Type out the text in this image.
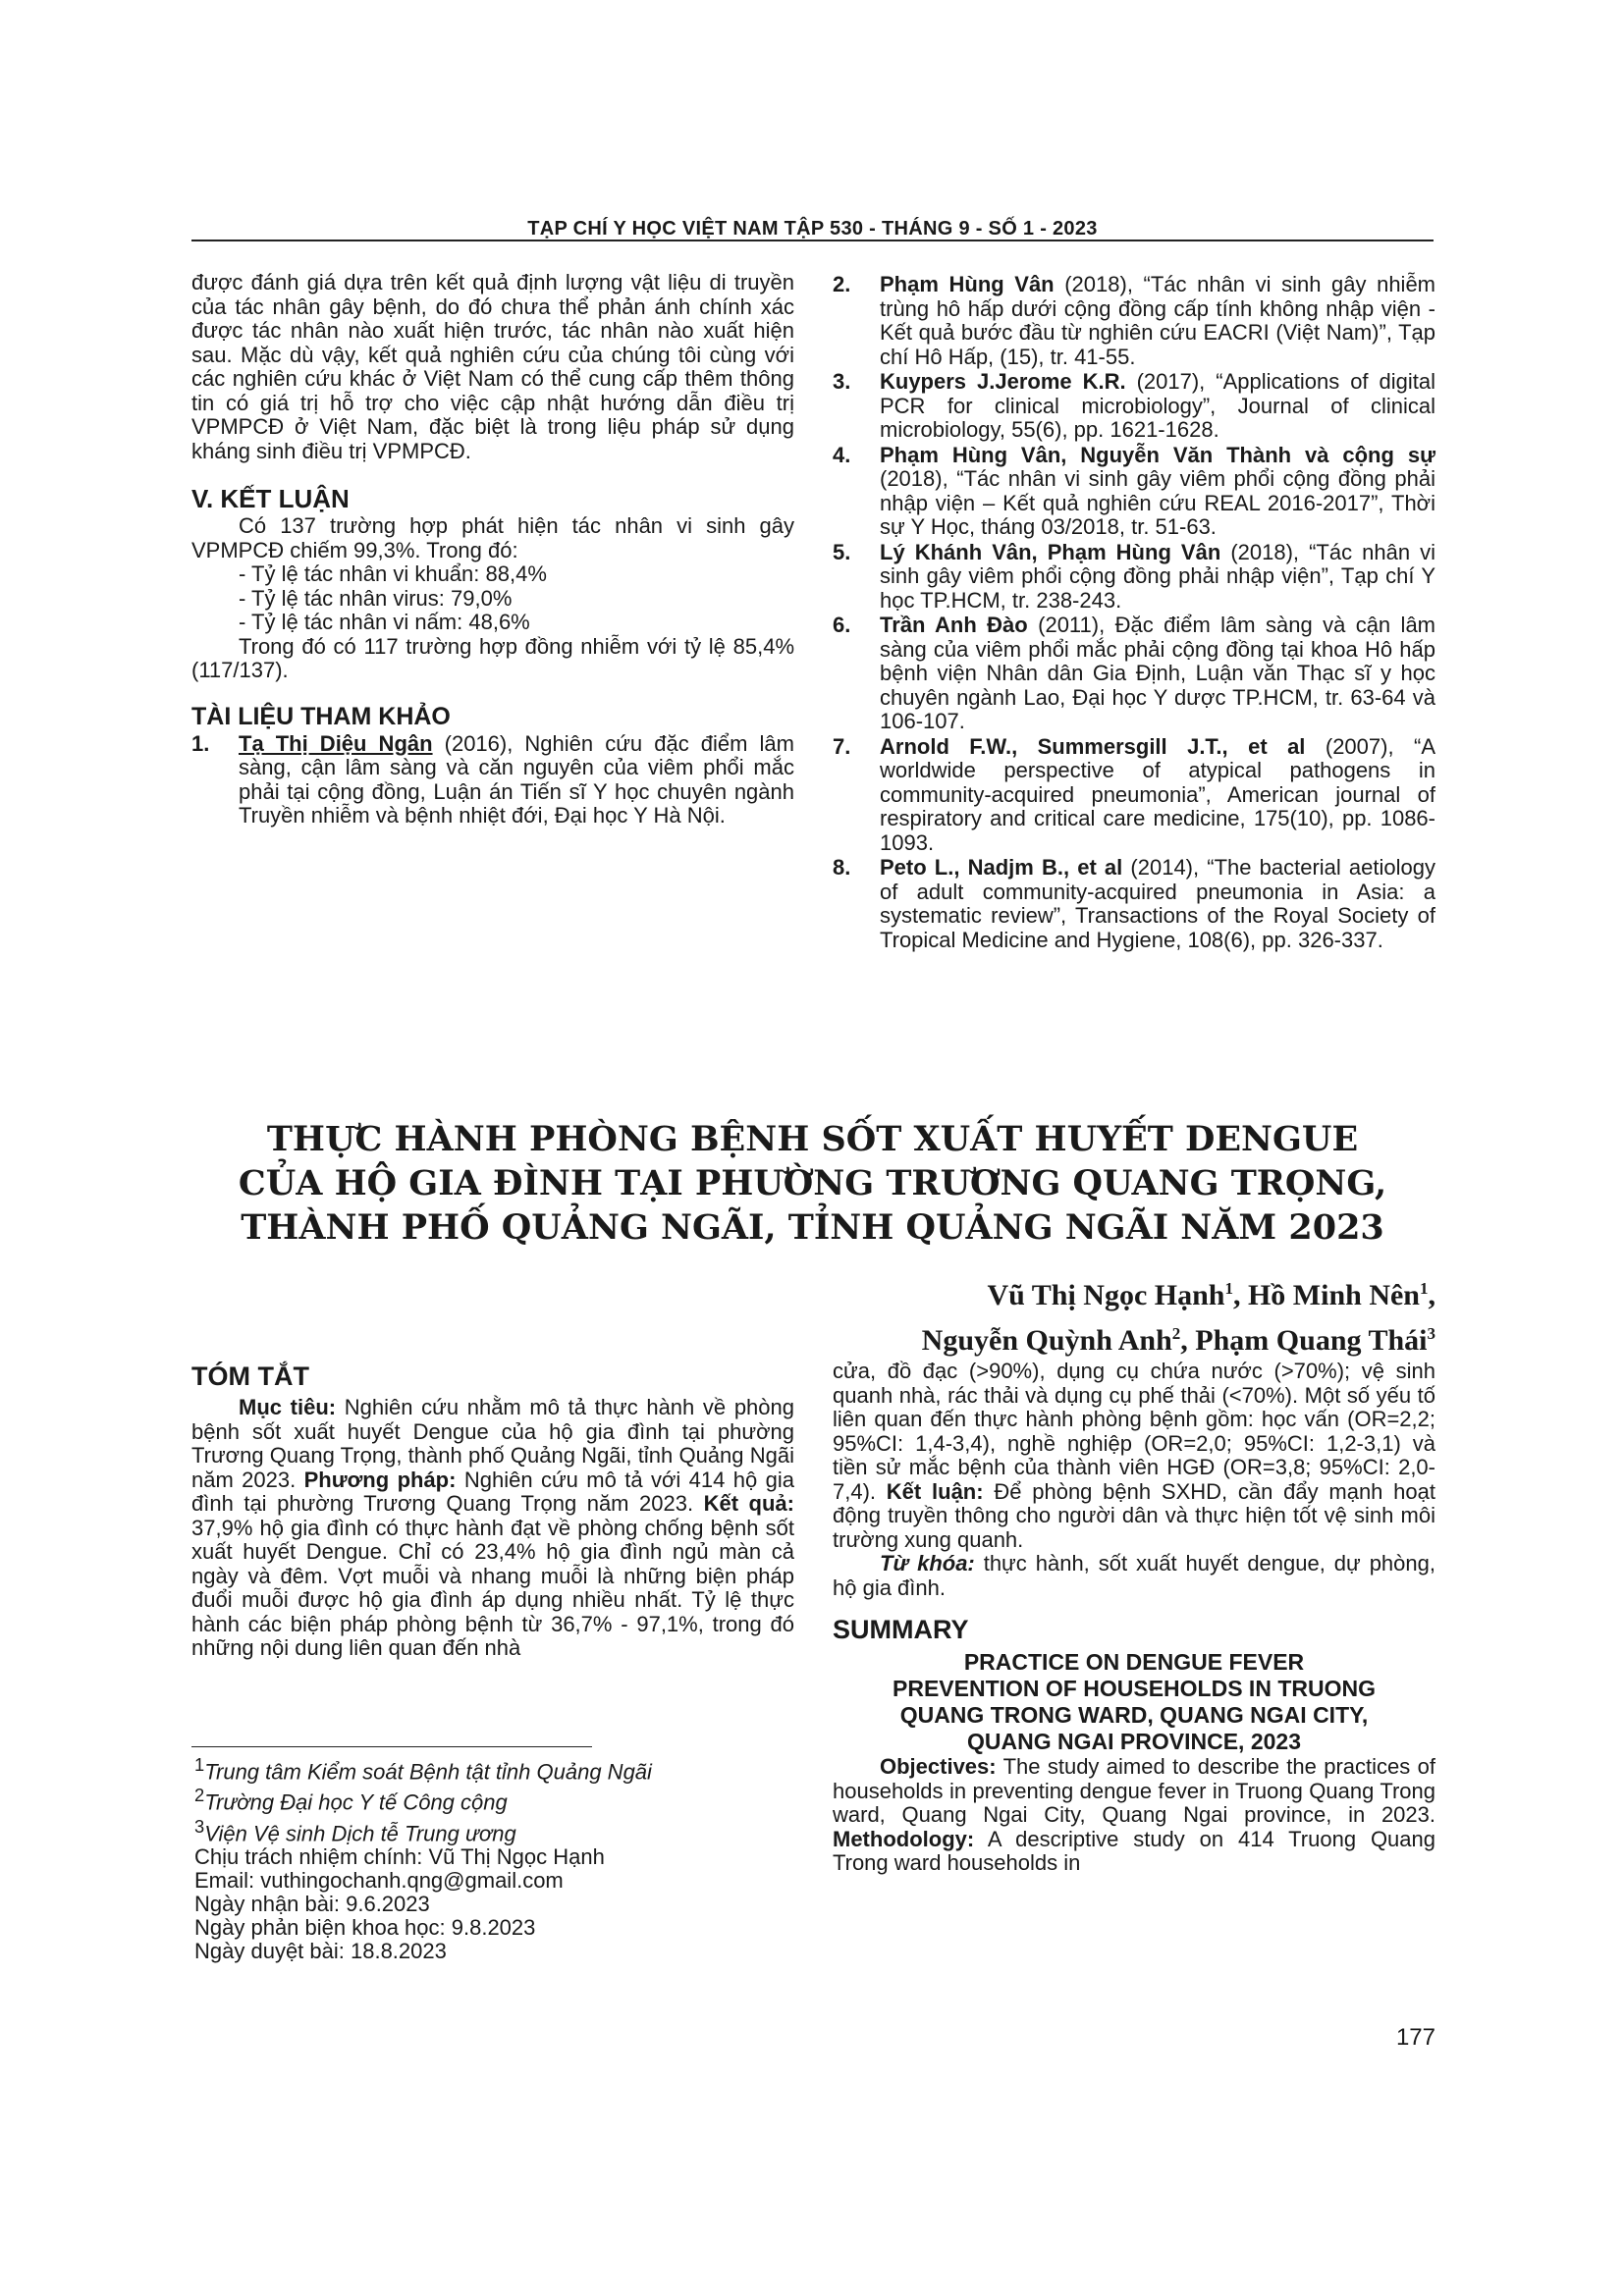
TẠP CHÍ Y HỌC VIỆT NAM TẬP 530 - THÁNG 9 - SỐ 1 - 2023
được đánh giá dựa trên kết quả định lượng vật liệu di truyền của tác nhân gây bệnh, do đó chưa thể phản ánh chính xác được tác nhân nào xuất hiện trước, tác nhân nào xuất hiện sau. Mặc dù vậy, kết quả nghiên cứu của chúng tôi cùng với các nghiên cứu khác ở Việt Nam có thể cung cấp thêm thông tin có giá trị hỗ trợ cho việc cập nhật hướng dẫn điều trị VPMPCĐ ở Việt Nam, đặc biệt là trong liệu pháp sử dụng kháng sinh điều trị VPMPCĐ.
V. KẾT LUẬN
Có 137 trường hợp phát hiện tác nhân vi sinh gây VPMPCĐ chiếm 99,3%. Trong đó:
- Tỷ lệ tác nhân vi khuẩn: 88,4%
- Tỷ lệ tác nhân virus: 79,0%
- Tỷ lệ tác nhân vi nấm: 48,6%
Trong đó có 117 trường hợp đồng nhiễm với tỷ lệ 85,4% (117/137).
TÀI LIỆU THAM KHẢO
1. Tạ Thị Diệu Ngân (2016), Nghiên cứu đặc điểm lâm sàng, cận lâm sàng và căn nguyên của viêm phổi mắc phải tại cộng đồng, Luận án Tiến sĩ Y học chuyên ngành Truyền nhiễm và bệnh nhiệt đới, Đại học Y Hà Nội.
2. Phạm Hùng Vân (2018), “Tác nhân vi sinh gây nhiễm trùng hô hấp dưới cộng đồng cấp tính không nhập viện - Kết quả bước đầu từ nghiên cứu EACRI (Việt Nam)”, Tạp chí Hô Hấp, (15), tr. 41-55.
3. Kuypers J.Jerome K.R. (2017), “Applications of digital PCR for clinical microbiology”, Journal of clinical microbiology, 55(6), pp. 1621-1628.
4. Phạm Hùng Vân, Nguyễn Văn Thành và cộng sự (2018), “Tác nhân vi sinh gây viêm phổi cộng đồng phải nhập viện – Kết quả nghiên cứu REAL 2016-2017”, Thời sự Y Học, tháng 03/2018, tr. 51-63.
5. Lý Khánh Vân, Phạm Hùng Vân (2018), “Tác nhân vi sinh gây viêm phổi cộng đồng phải nhập viện”, Tạp chí Y học TP.HCM, tr. 238-243.
6. Trần Anh Đào (2011), Đặc điểm lâm sàng và cận lâm sàng của viêm phổi mắc phải cộng đồng tại khoa Hô hấp bệnh viện Nhân dân Gia Định, Luận văn Thạc sĩ y học chuyên ngành Lao, Đại học Y dược TP.HCM, tr. 63-64 và 106-107.
7. Arnold F.W., Summersgill J.T., et al (2007), “A worldwide perspective of atypical pathogens in community-acquired pneumonia”, American journal of respiratory and critical care medicine, 175(10), pp. 1086-1093.
8. Peto L., Nadjm B., et al (2014), “The bacterial aetiology of adult community-acquired pneumonia in Asia: a systematic review”, Transactions of the Royal Society of Tropical Medicine and Hygiene, 108(6), pp. 326-337.
THỰC HÀNH PHÒNG BỆNH SỐT XUẤT HUYẾT DENGUE
CỦA HỘ GIA ĐÌNH TẠI PHƯỜNG TRƯƠNG QUANG TRỌNG,
THÀNH PHỐ QUẢNG NGÃI, TỈNH QUẢNG NGÃI NĂM 2023
Vũ Thị Ngọc Hạnh$^1$, Hồ Minh Nên$^1$,
Nguyễn Quỳnh Anh$^2$, Phạm Quang Thái$^3$
TÓM TẮT
Mục tiêu: Nghiên cứu nhằm mô tả thực hành về phòng bệnh sốt xuất huyết Dengue của hộ gia đình tại phường Trương Quang Trọng, thành phố Quảng Ngãi, tỉnh Quảng Ngãi năm 2023. Phương pháp: Nghiên cứu mô tả với 414 hộ gia đình tại phường Trương Quang Trọng năm 2023. Kết quả: 37,9% hộ gia đình có thực hành đạt về phòng chống bệnh sốt xuất huyết Dengue. Chỉ có 23,4% hộ gia đình ngủ màn cả ngày và đêm. Vợt muỗi và nhang muỗi là những biện pháp đuổi muỗi được hộ gia đình áp dụng nhiều nhất. Tỷ lệ thực hành các biện pháp phòng bệnh từ 36,7% - 97,1%, trong đó những nội dung liên quan đến nhà
$^1$Trung tâm Kiểm soát Bệnh tật tỉnh Quảng Ngãi
$^2$Trường Đại học Y tế Công cộng
$^3$Viện Vệ sinh Dịch tễ Trung ương
Chịu trách nhiệm chính: Vũ Thị Ngọc Hạnh
Email: vuthingochanh.qng@gmail.com
Ngày nhận bài: 9.6.2023
Ngày phản biện khoa học: 9.8.2023
Ngày duyệt bài: 18.8.2023
cửa, đồ đạc (>90%), dụng cụ chứa nước (>70%); vệ sinh quanh nhà, rác thải và dụng cụ phế thải (<70%). Một số yếu tố liên quan đến thực hành phòng bệnh gồm: học vấn (OR=2,2; 95%CI: 1,4-3,4), nghề nghiệp (OR=2,0; 95%CI: 1,2-3,1) và tiền sử mắc bệnh của thành viên HGĐ (OR=3,8; 95%CI: 2,0-7,4). Kết luận: Để phòng bệnh SXHD, cần đẩy mạnh hoạt động truyền thông cho người dân và thực hiện tốt vệ sinh môi trường xung quanh.
Từ khóa: thực hành, sốt xuất huyết dengue, dự phòng, hộ gia đình.
SUMMARY
PRACTICE ON DENGUE FEVER
PREVENTION OF HOUSEHOLDS IN TRUONG
QUANG TRONG WARD, QUANG NGAI CITY,
QUANG NGAI PROVINCE, 2023
Objectives: The study aimed to describe the practices of households in preventing dengue fever in Truong Quang Trong ward, Quang Ngai City, Quang Ngai province, in 2023. Methodology: A descriptive study on 414 Truong Quang Trong ward households in
177
